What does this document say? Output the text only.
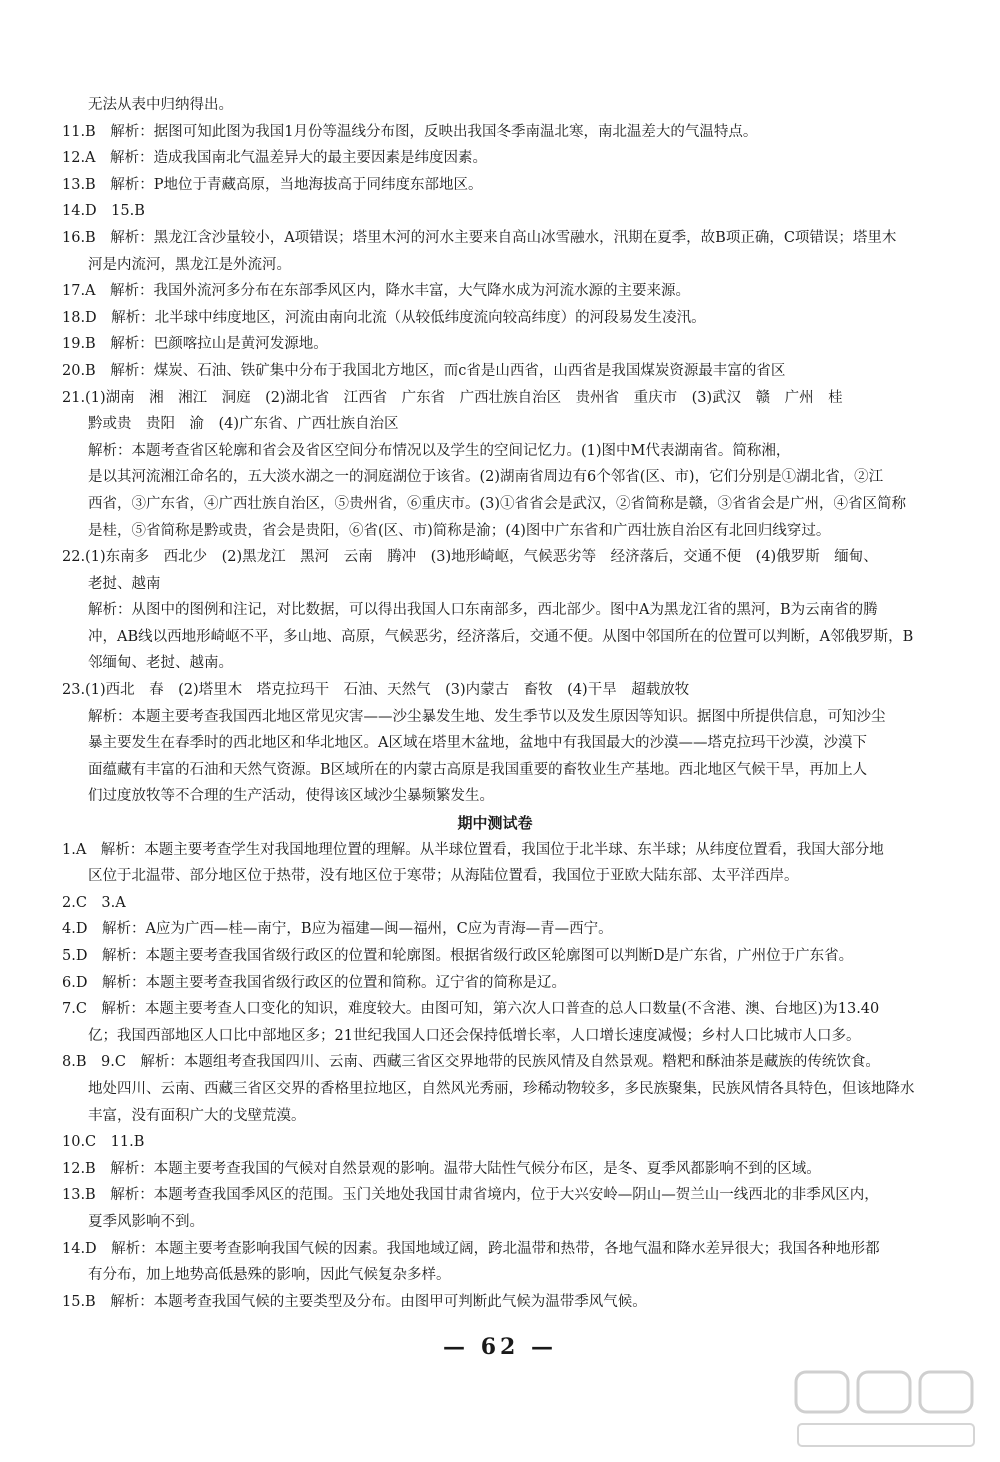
无法从表中归纳得出。
11.B　解析：据图可知此图为我国1月份等温线分布图，反映出我国冬季南温北寒，南北温差大的气温特点。
12.A　解析：造成我国南北气温差异大的最主要因素是纬度因素。
13.B　解析：P地位于青藏高原，当地海拔高于同纬度东部地区。
14.D　15.B
16.B　解析：黑龙江含沙量较小，A项错误；塔里木河的河水主要来自高山冰雪融水，汛期在夏季，故B项正确，C项错误；塔里木
河是内流河，黑龙江是外流河。
17.A　解析：我国外流河多分布在东部季风区内，降水丰富，大气降水成为河流水源的主要来源。
18.D　解析：北半球中纬度地区，河流由南向北流（从较低纬度流向较高纬度）的河段易发生凌汛。
19.B　解析：巴颜喀拉山是黄河发源地。
20.B　解析：煤炭、石油、铁矿集中分布于我国北方地区，而c省是山西省，山西省是我国煤炭资源最丰富的省区
21.(1)湖南　湘　湘江　洞庭　(2)湖北省　江西省　广东省　广西壮族自治区　贵州省　重庆市　(3)武汉　赣　广州　桂
黔或贵　贵阳　渝　(4)广东省、广西壮族自治区
解析：本题考查省区轮廓和省会及省区空间分布情况以及学生的空间记忆力。(1)图中M代表湖南省。简称湘，
是以其河流湘江命名的，五大淡水湖之一的洞庭湖位于该省。(2)湖南省周边有6个邻省(区、市)，它们分别是①湖北省，②江
西省，③广东省，④广西壮族自治区，⑤贵州省，⑥重庆市。(3)①省省会是武汉，②省简称是赣，③省省会是广州，④省区简称
是桂，⑤省简称是黔或贵，省会是贵阳，⑥省(区、市)简称是渝；(4)图中广东省和广西壮族自治区有北回归线穿过。
22.(1)东南多　西北少　(2)黑龙江　黑河　云南　腾冲　(3)地形崎岖，气候恶劣等　经济落后，交通不便　(4)俄罗斯　缅甸、
老挝、越南
解析：从图中的图例和注记，对比数据，可以得出我国人口东南部多，西北部少。图中A为黑龙江省的黑河，B为云南省的腾
冲，AB线以西地形崎岖不平，多山地、高原，气候恶劣，经济落后，交通不便。从图中邻国所在的位置可以判断，A邻俄罗斯，B
邻缅甸、老挝、越南。
23.(1)西北　春　(2)塔里木　塔克拉玛干　石油、天然气　(3)内蒙古　畜牧　(4)干旱　超载放牧
解析：本题主要考查我国西北地区常见灾害——沙尘暴发生地、发生季节以及发生原因等知识。据图中所提供信息，可知沙尘
暴主要发生在春季时的西北地区和华北地区。A区域在塔里木盆地，盆地中有我国最大的沙漠——塔克拉玛干沙漠，沙漠下
面蕴藏有丰富的石油和天然气资源。B区域所在的内蒙古高原是我国重要的畜牧业生产基地。西北地区气候干旱，再加上人
们过度放牧等不合理的生产活动，使得该区域沙尘暴频繁发生。
期中测试卷
1.A　解析：本题主要考查学生对我国地理位置的理解。从半球位置看，我国位于北半球、东半球；从纬度位置看，我国大部分地
区位于北温带、部分地区位于热带，没有地区位于寒带；从海陆位置看，我国位于亚欧大陆东部、太平洋西岸。
2.C　3.A
4.D　解析：A应为广西—桂—南宁，B应为福建—闽—福州，C应为青海—青—西宁。
5.D　解析：本题主要考查我国省级行政区的位置和轮廓图。根据省级行政区轮廓图可以判断D是广东省，广州位于广东省。
6.D　解析：本题主要考查我国省级行政区的位置和简称。辽宁省的简称是辽。
7.C　解析：本题主要考查人口变化的知识，难度较大。由图可知，第六次人口普查的总人口数量(不含港、澳、台地区)为13.40
亿；我国西部地区人口比中部地区多；21世纪我国人口还会保持低增长率，人口增长速度减慢；乡村人口比城市人口多。
8.B　9.C　解析：本题组考查我国四川、云南、西藏三省区交界地带的民族风情及自然景观。糌粑和酥油茶是藏族的传统饮食。
地处四川、云南、西藏三省区交界的香格里拉地区，自然风光秀丽，珍稀动物较多，多民族聚集，民族风情各具特色，但该地降水
丰富，没有面积广大的戈壁荒漠。
10.C　11.B
12.B　解析：本题主要考查我国的气候对自然景观的影响。温带大陆性气候分布区，是冬、夏季风都影响不到的区域。
13.B　解析：本题考查我国季风区的范围。玉门关地处我国甘肃省境内，位于大兴安岭—阴山—贺兰山一线西北的非季风区内，
夏季风影响不到。
14.D　解析：本题主要考查影响我国气候的因素。我国地域辽阔，跨北温带和热带，各地气温和降水差异很大；我国各种地形都
有分布，加上地势高低悬殊的影响，因此气候复杂多样。
15.B　解析：本题考查我国气候的主要类型及分布。由图甲可判断此气候为温带季风气候。
— 62 —
